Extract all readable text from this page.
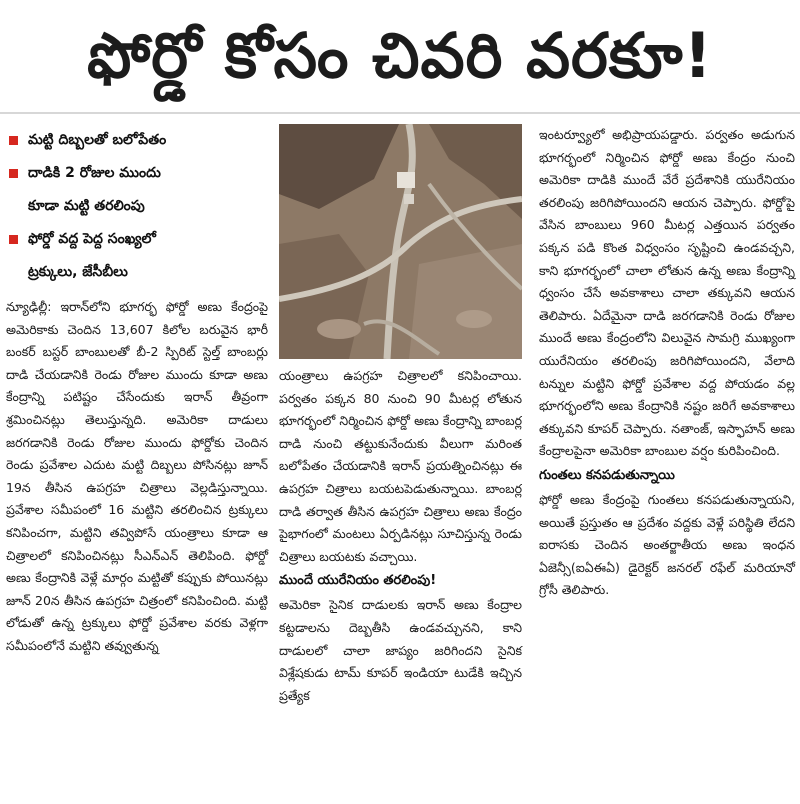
ఫోర్డో కోసం చివరి వరకూ!
మట్టి దిబ్బలతో బలోపేతం
దాడికి 2 రోజుల ముందు
కూడా మట్టి తరలింపు
ఫోర్డో వద్ద పెద్ద సంఖ్యలో
ట్రక్కులు, జేసీబీలు

న్యూఢిల్లీ: ఇరాన్‌లోని భూగర్భ ఫోర్డో అణు కేంద్రంపై అమెరికాకు చెందిన 13,607 కిలోల బరువైన భారీ బంకర్ బస్టర్ బాంబులతో బీ-2 స్పిరిట్ స్టెల్త్ బాంబర్లు దాడి చేయడానికి రెండు రోజుల ముందు కూడా అణు కేంద్రాన్ని పటిష్టం చేసేందుకు ఇరాన్ తీవ్రంగా శ్రమించినట్లు తెలుస్తున్నది. అమెరికా దాడులు జరగడానికి రెండు రోజుల ముందు ఫోర్డోకు చెందిన రెండు ప్రవేశాల ఎదుట మట్టి దిబ్బలు పోసినట్లు జూన్ 19న తీసిన ఉపగ్రహ చిత్రాలు వెల్లడిస్తున్నాయి. ప్రవేశాల సమీపంలో 16 మట్టిని తరలించిన ట్రక్కులు కనిపించగా, మట్టిని తవ్విపోసే యంత్రాలు కూడా ఆ చిత్రాలలో కనిపించినట్లు సీఎన్ఎన్ తెలిపింది. ఫోర్డో అణు కేంద్రానికి వెళ్లే మార్గం మట్టితో కప్పుకు పోయినట్లు జూన్ 20న తీసిన ఉపగ్రహ చిత్రంలో కనిపించింది. మట్టి లోడుతో ఉన్న ట్రక్కులు ఫోర్డో ప్రవేశాల వరకు వెళ్లగా సమీపంలోనే మట్టిని తవ్వుతున్న

యంత్రాలు ఉపగ్రహ చిత్రాలలో కనిపించాయి. పర్వతం పక్కన 80 నుంచి 90 మీటర్ల లోతున భూగర్భంలో నిర్మించిన ఫోర్డో అణు కేంద్రాన్ని బాంబర్ల దాడి నుంచి తట్టుకునేందుకు వీలుగా మరింత బలోపేతం చేయడానికి ఇరాన్ ప్రయత్నించినట్లు ఈ ఉపగ్రహ చిత్రాలు బయటపెడుతున్నాయి. బాంబర్ల దాడి తర్వాత తీసిన ఉపగ్రహ చిత్రాలు అణు కేంద్రం పైభాగంలో మంటలు ఏర్పడినట్లు సూచిస్తున్న రెండు చిత్రాలు బయటకు వచ్చాయి.

ముందే యురేనియం తరలింపు!

అమెరికా సైనిక దాడులకు ఇరాన్ అణు కేంద్రాల కట్టడాలను దెబ్బతీసి ఉండవచ్చునని, కాని దాడులలో చాలా జాప్యం జరిగిందని సైనిక విశ్లేషకుడు టామ్ కూపర్ ఇండియా టుడేకి ఇచ్చిన ప్రత్యేక

ఇంటర్వ్యూలో అభిప్రాయపడ్డారు. పర్వతం అడుగున భూగర్భంలో నిర్మించిన ఫోర్డో అణు కేంద్రం నుంచి అమెరికా దాడికి ముందే వేరే ప్రదేశానికి యురేనియం తరలింపు జరిగిపోయిందని ఆయన చెప్పారు. ఫోర్డోపై వేసిన బాంబులు 960 మీటర్ల ఎత్తయిన పర్వతం పక్కన పడి కొంత విధ్వంసం సృష్టించి ఉండవచ్చని, కాని భూగర్భంలో చాలా లోతున ఉన్న అణు కేంద్రాన్ని ధ్వంసం చేసే అవకాశాలు చాలా తక్కువని ఆయన తెలిపారు. ఏదేమైనా దాడి జరగడానికి రెండు రోజుల ముందే అణు కేంద్రంలోని విలువైన సామగ్రి ముఖ్యంగా యురేనియం తరలింపు జరిగిపోయిందని, వేలాది టన్నుల మట్టిని ఫోర్డో ప్రవేశాల వద్ద పోయడం వల్ల భూగర్భంలోని అణు కేంద్రానికి నష్టం జరిగే అవకాశాలు తక్కువని కూపర్ చెప్పారు. నతాంజ్, ఇస్ఫాహన్ అణు కేంద్రాలపైనా అమెరికా బాంబుల వర్షం కురిపించింది.

గుంతలు కనపడుతున్నాయి

ఫోర్డో అణు కేంద్రంపై గుంతలు కనపడుతున్నాయని, అయితే ప్రస్తుతం ఆ ప్రదేశం వద్దకు వెళ్లే పరిస్థితి లేదని ఐరాసకు చెందిన అంతర్జాతీయ అణు ఇంధన ఏజెన్సీ(ఐఏఈఏ) డైరెక్టర్ జనరల్ రఫేల్ మరియానో గ్రోసీ తెలిపారు.
